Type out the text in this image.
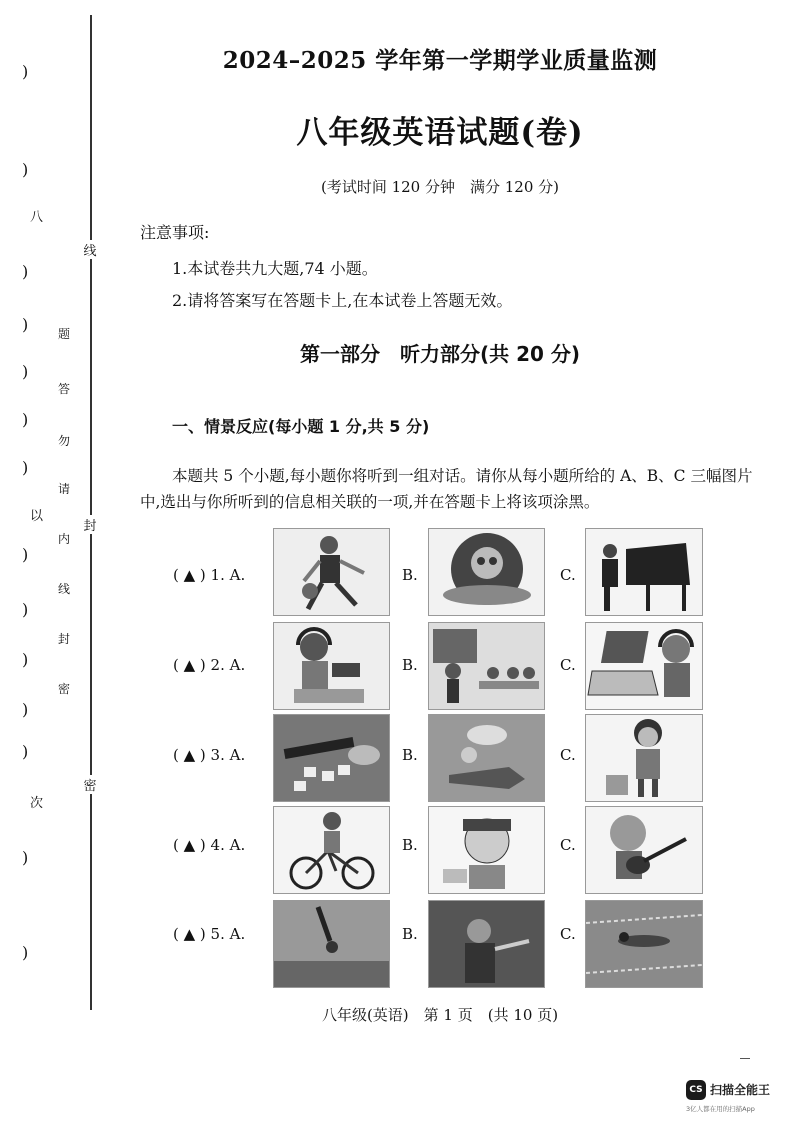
线
封
密
)
)
)
)
)
)
)
)
)
)
)
)
)
)
八
以
次
题
答
勿
请
内
线
封
密
2024–2025 学年第一学期学业质量监测
八年级英语试题(卷)
(考试时间 120 分钟　满分 120 分)
注意事项:
1.本试卷共九大题,74 小题。
2.请将答案写在答题卡上,在本试卷上答题无效。
第一部分　听力部分(共 20 分)
一、情景反应(每小题 1 分,共 5 分)
本题共 5 个小题,每小题你将听到一组对话。请你从每小题所给的 A、B、C 三幅图片中,选出与你所听到的信息相关联的一项,并在答题卡上将该项涂黑。
( ▲ ) 1. A.	B.	C.
( ▲ ) 2. A.	B.	C.
( ▲ ) 3. A.	B.	C.
( ▲ ) 4. A.	B.	C.
( ▲ ) 5. A.	B.	C.
八年级(英语)　第 1 页　(共 10 页)
CS 扫描全能王
3亿人都在用的扫描App
